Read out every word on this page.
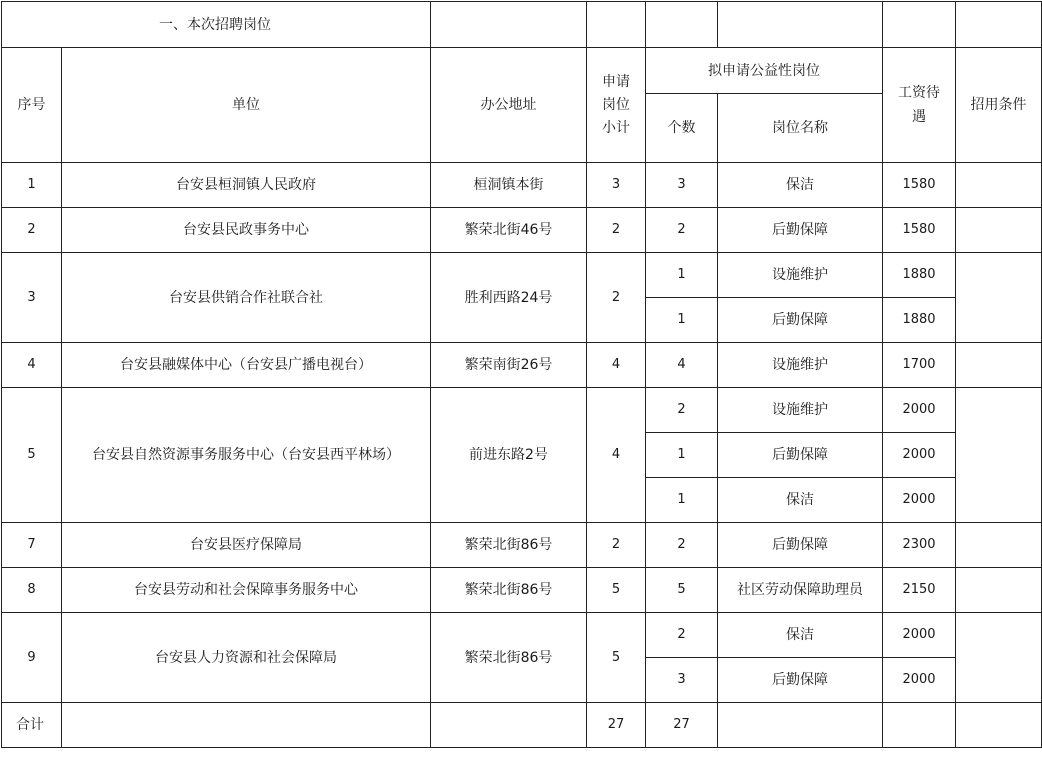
一、本次招聘岗位							
序号	单位	办公地址	申请岗位小计	拟申请公益性岗位		工资待遇	招用条件
				个数	岗位名称		
1	台安县桓洞镇人民政府	桓洞镇本街	3	3	保洁	1580	
2	台安县民政事务中心	繁荣北街46号	2	2	后勤保障	1580	
3	台安县供销合作社联合社	胜利西路24号	2	1	设施维护	1880	
				1	后勤保障	1880	
4	台安县融媒体中心（台安县广播电视台）	繁荣南街26号	4	4	设施维护	1700	
5	台安县自然资源事务服务中心（台安县西平林场）	前进东路2号	4	2	设施维护	2000	
				1	后勤保障	2000	
				1	保洁	2000	
7	台安县医疗保障局	繁荣北街86号	2	2	后勤保障	2300	
8	台安县劳动和社会保障事务服务中心	繁荣北街86号	5	5	社区劳动保障助理员	2150	
9	台安县人力资源和社会保障局	繁荣北街86号	5	2	保洁	2000	
				3	后勤保障	2000	
合计			27	27			
